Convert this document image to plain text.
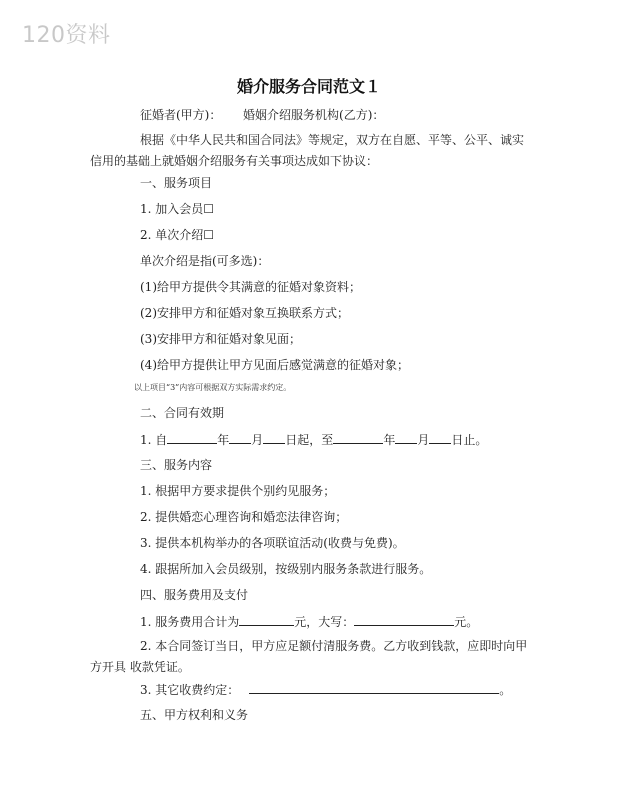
120资料
婚介服务合同范文１
征婚者(甲方)： 婚姻介绍服务机构(乙方)：
根据《中华人民共和国合同法》等规定，双方在自愿、平等、公平、诚实信用的基础上就婚姻介绍服务有关事项达成如下协议：
一、服务项目
1. 加入会员☐
2. 单次介绍☐
单次介绍是指(可多选)：
(1)给甲方提供令其满意的征婚对象资料；
(2)安排甲方和征婚对象互换联系方式；
(3)安排甲方和征婚对象见面；
(4)给甲方提供让甲方见面后感觉满意的征婚对象；
以上项目“3”内容可根据双方实际需求约定。
二、合同有效期
1. 自	年 月 日起，至	年 月 日止。
三、服务内容
1. 根据甲方要求提供个别约见服务；
2. 提供婚恋心理咨询和婚恋法律咨询；
3. 提供本机构举办的各项联谊活动(收费与免费)。
4. 跟据所加入会员级别，按级别内服务条款进行服务。
四、服务费用及支付
1. 服务费用合计为	元，大写：	元。
2. 本合同签订当日，甲方应足额付清服务费。乙方收到钱款，应即时向甲方开具 收款凭证。
3. 其它收费约定：	。
五、甲方权利和义务
